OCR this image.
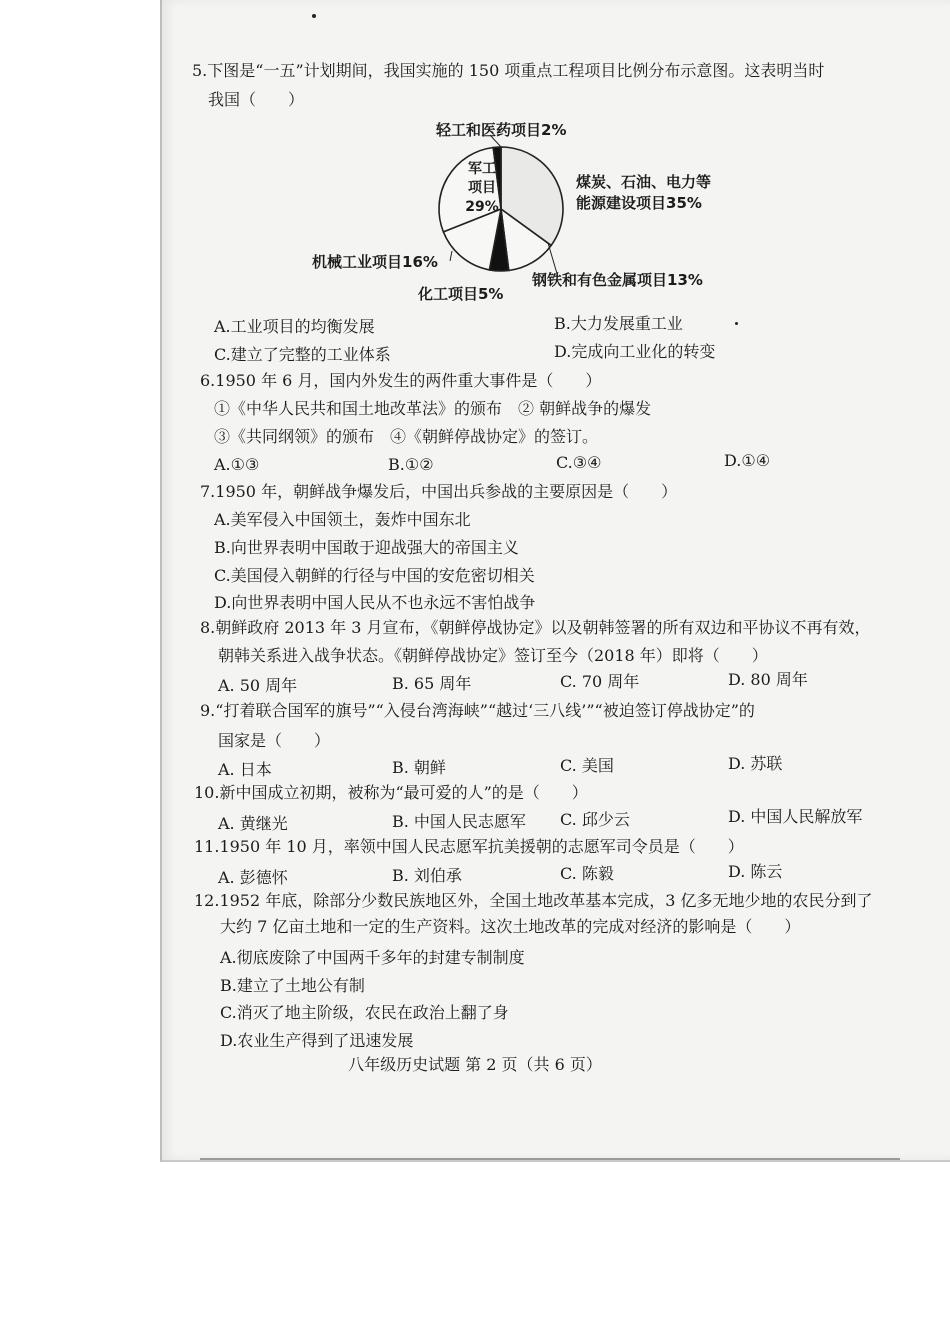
5.下图是“一五”计划期间，我国实施的 150 项重点工程项目比例分布示意图。这表明当时
我国（　　）
轻工和医药项目2%
煤炭、石油、电力等
能源建设项目35%
钢铁和有色金属项目13%
化工项目5%
机械工业项目16%
军工
项目
29%
A.工业项目的均衡发展	B.大力发展重工业
C.建立了完整的工业体系	D.完成向工业化的转变
6.1950 年 6 月，国内外发生的两件重大事件是（　　）
①《中华人民共和国土地改革法》的颁布　② 朝鲜战争的爆发
③《共同纲领》的颁布　④《朝鲜停战协定》的签订。
A.①③	B.①②	C.③④	D.①④
7.1950 年，朝鲜战争爆发后，中国出兵参战的主要原因是（　　）
A.美军侵入中国领土，轰炸中国东北
B.向世界表明中国敢于迎战强大的帝国主义
C.美国侵入朝鲜的行径与中国的安危密切相关
D.向世界表明中国人民从不也永远不害怕战争
8.朝鲜政府 2013 年 3 月宣布，《朝鲜停战协定》以及朝韩签署的所有双边和平协议不再有效，
朝韩关系进入战争状态。《朝鲜停战协定》签订至今（2018 年）即将（　　）
A. 50 周年	B. 65 周年	C. 70 周年	D. 80 周年
9.“打着联合国军的旗号”“入侵台湾海峡”“越过‘三八线’”“被迫签订停战协定”的
国家是（　　）
A. 日本	B. 朝鲜	C. 美国	D. 苏联
10.新中国成立初期，被称为“最可爱的人”的是（　　）
A. 黄继光	B. 中国人民志愿军 C. 邱少云	D. 中国人民解放军
11.1950 年 10 月，率领中国人民志愿军抗美援朝的志愿军司令员是（　　）
A. 彭德怀	B. 刘伯承	C. 陈毅	D. 陈云
12.1952 年底，除部分少数民族地区外，全国土地改革基本完成，3 亿多无地少地的农民分到了
大约 7 亿亩土地和一定的生产资料。这次土地改革的完成对经济的影响是（　　）
A.彻底废除了中国两千多年的封建专制制度
B.建立了土地公有制
C.消灭了地主阶级，农民在政治上翻了身
D.农业生产得到了迅速发展
八年级历史试题 第 2 页（共 6 页）
